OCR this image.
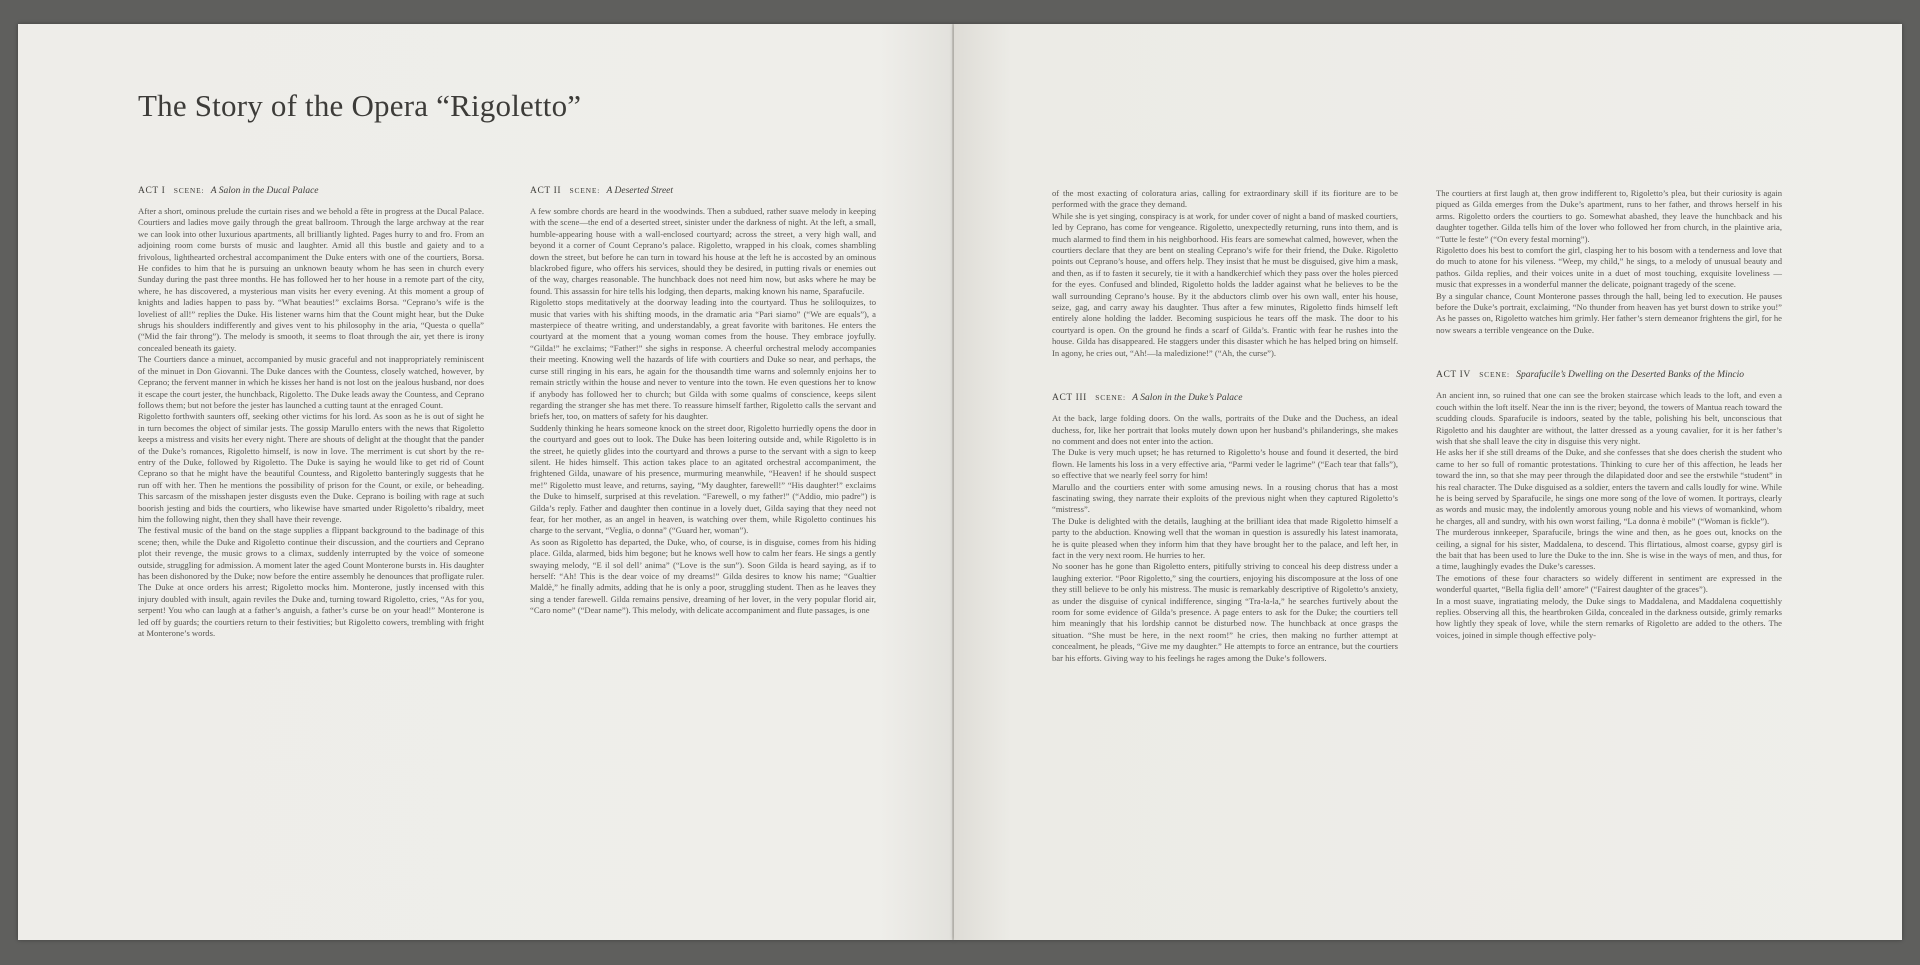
The Story of the Opera “Rigoletto”
ACT I SCENE: A Salon in the Ducal Palace

After a short, ominous prelude the curtain rises and we behold a fête in progress at the Ducal Palace. Courtiers and ladies move gaily through the great ballroom. Through the large archway at the rear we can look into other luxurious apartments, all brilliantly lighted. Pages hurry to and fro. From an adjoining room come bursts of music and laughter. Amid all this bustle and gaiety and to a frivolous, lighthearted orchestral accompaniment the Duke enters with one of the courtiers, Borsa. He confides to him that he is pursuing an unknown beauty whom he has seen in church every Sunday during the past three months. He has followed her to her house in a remote part of the city, where, he has discovered, a mysterious man visits her every evening. At this moment a group of knights and ladies happen to pass by. “What beauties!” exclaims Borsa. “Ceprano’s wife is the loveliest of all!” replies the Duke. His listener warns him that the Count might hear, but the Duke shrugs his shoulders indifferently and gives vent to his philosophy in the aria, “Questa o quella” (“Mid the fair throng”). The melody is smooth, it seems to float through the air, yet there is irony concealed beneath its gaiety.

The Courtiers dance a minuet, accompanied by music graceful and not inappropriately reminiscent of the minuet in Don Giovanni. The Duke dances with the Countess, closely watched, however, by Ceprano; the fervent manner in which he kisses her hand is not lost on the jealous husband, nor does it escape the court jester, the hunchback, Rigoletto. The Duke leads away the Countess, and Ceprano follows them; but not before the jester has launched a cutting taunt at the enraged Count.

Rigoletto forthwith saunters off, seeking other victims for his lord. As soon as he is out of sight he in turn becomes the object of similar jests. The gossip Marullo enters with the news that Rigoletto keeps a mistress and visits her every night. There are shouts of delight at the thought that the pander of the Duke’s romances, Rigoletto himself, is now in love. The merriment is cut short by the re-entry of the Duke, followed by Rigoletto. The Duke is saying he would like to get rid of Count Ceprano so that he might have the beautiful Countess, and Rigoletto banteringly suggests that he run off with her. Then he mentions the possibility of prison for the Count, or exile, or beheading. This sarcasm of the misshapen jester disgusts even the Duke. Ceprano is boiling with rage at such boorish jesting and bids the courtiers, who likewise have smarted under Rigoletto’s ribaldry, meet him the following night, then they shall have their revenge.

The festival music of the band on the stage supplies a flippant background to the badinage of this scene; then, while the Duke and Rigoletto continue their discussion, and the courtiers and Ceprano plot their revenge, the music grows to a climax, suddenly interrupted by the voice of someone outside, struggling for admission. A moment later the aged Count Monterone bursts in. His daughter has been dishonored by the Duke; now before the entire assembly he denounces that profligate ruler. The Duke at once orders his arrest; Rigoletto mocks him. Monterone, justly incensed with this injury doubled with insult, again reviles the Duke and, turning toward Rigoletto, cries, “As for you, serpent! You who can laugh at a father’s anguish, a father’s curse be on your head!” Monterone is led off by guards; the courtiers return to their festivities; but Rigoletto cowers, trembling with fright at Monterone’s words.

ACT II SCENE: A Deserted Street

A few sombre chords are heard in the woodwinds. Then a subdued, rather suave melody in keeping with the scene—the end of a deserted street, sinister under the darkness of night. At the left, a small, humble-appearing house with a wall-enclosed courtyard; across the street, a very high wall, and beyond it a corner of Count Ceprano’s palace. Rigoletto, wrapped in his cloak, comes shambling down the street, but before he can turn in toward his house at the left he is accosted by an ominous blackrobed figure, who offers his services, should they be desired, in putting rivals or enemies out of the way, charges reasonable. The hunchback does not need him now, but asks where he may be found. This assassin for hire tells his lodging, then departs, making known his name, Sparafucile.

Rigoletto stops meditatively at the doorway leading into the courtyard. Thus he soliloquizes, to music that varies with his shifting moods, in the dramatic aria “Pari siamo” (“We are equals”), a masterpiece of theatre writing, and understandably, a great favorite with baritones. He enters the courtyard at the moment that a young woman comes from the house. They embrace joyfully. “Gilda!” he exclaims; “Father!” she sighs in response. A cheerful orchestral melody accompanies their meeting. Knowing well the hazards of life with courtiers and Duke so near, and perhaps, the curse still ringing in his ears, he again for the thousandth time warns and solemnly enjoins her to remain strictly within the house and never to venture into the town. He even questions her to know if anybody has followed her to church; but Gilda with some qualms of conscience, keeps silent regarding the stranger she has met there. To reassure himself farther, Rigoletto calls the servant and briefs her, too, on matters of safety for his daughter.

Suddenly thinking he hears someone knock on the street door, Rigoletto hurriedly opens the door in the courtyard and goes out to look. The Duke has been loitering outside and, while Rigoletto is in the street, he quietly glides into the courtyard and throws a purse to the servant with a sign to keep silent. He hides himself. This action takes place to an agitated orchestral accompaniment, the frightened Gilda, unaware of his presence, murmuring meanwhile, “Heaven! if he should suspect me!” Rigoletto must leave, and returns, saying, “My daughter, farewell!” “His daughter!” exclaims the Duke to himself, surprised at this revelation. “Farewell, o my father!” (“Addio, mio padre”) is Gilda’s reply. Father and daughter then continue in a lovely duet, Gilda saying that they need not fear, for her mother, as an angel in heaven, is watching over them, while Rigoletto continues his charge to the servant, “Veglia, o donna” (“Guard her, woman”).

As soon as Rigoletto has departed, the Duke, who, of course, is in disguise, comes from his hiding place. Gilda, alarmed, bids him begone; but he knows well how to calm her fears. He sings a gently swaying melody, “E il sol dell’ anima” (“Love is the sun”). Soon Gilda is heard saying, as if to herself: “Ah! This is the dear voice of my dreams!” Gilda desires to know his name; “Gualtier Maldè,” he finally admits, adding that he is only a poor, struggling student. Then as he leaves they sing a tender farewell. Gilda remains pensive, dreaming of her lover, in the very popular florid air, “Caro nome” (“Dear name”). This melody, with delicate accompaniment and flute passages, is one

of the most exacting of coloratura arias, calling for extraordinary skill if its fioriture are to be performed with the grace they demand.

While she is yet singing, conspiracy is at work, for under cover of night a band of masked courtiers, led by Ceprano, has come for vengeance. Rigoletto, unexpectedly returning, runs into them, and is much alarmed to find them in his neighborhood. His fears are somewhat calmed, however, when the courtiers declare that they are bent on stealing Ceprano’s wife for their friend, the Duke. Rigoletto points out Ceprano’s house, and offers help. They insist that he must be disguised, give him a mask, and then, as if to fasten it securely, tie it with a handkerchief which they pass over the holes pierced for the eyes. Confused and blinded, Rigoletto holds the ladder against what he believes to be the wall surrounding Ceprano’s house. By it the abductors climb over his own wall, enter his house, seize, gag, and carry away his daughter. Thus after a few minutes, Rigoletto finds himself left entirely alone holding the ladder. Becoming suspicious he tears off the mask. The door to his courtyard is open. On the ground he finds a scarf of Gilda’s. Frantic with fear he rushes into the house. Gilda has disappeared. He staggers under this disaster which he has helped bring on himself. In agony, he cries out, “Ah!—la maledizione!” (“Ah, the curse”).

ACT III SCENE: A Salon in the Duke’s Palace

At the back, large folding doors. On the walls, portraits of the Duke and the Duchess, an ideal duchess, for, like her portrait that looks mutely down upon her husband’s philanderings, she makes no comment and does not enter into the action.

The Duke is very much upset; he has returned to Rigoletto’s house and found it deserted, the bird flown. He laments his loss in a very effective aria, “Parmi veder le lagrime” (“Each tear that falls”), so effective that we nearly feel sorry for him!

Marullo and the courtiers enter with some amusing news. In a rousing chorus that has a most fascinating swing, they narrate their exploits of the previous night when they captured Rigoletto’s “mistress”.

The Duke is delighted with the details, laughing at the brilliant idea that made Rigoletto himself a party to the abduction. Knowing well that the woman in question is assuredly his latest inamorata, he is quite pleased when they inform him that they have brought her to the palace, and left her, in fact in the very next room. He hurries to her.

No sooner has he gone than Rigoletto enters, pitifully striving to conceal his deep distress under a laughing exterior. “Poor Rigoletto,” sing the courtiers, enjoying his discomposure at the loss of one they still believe to be only his mistress. The music is remarkably descriptive of Rigoletto’s anxiety, as under the disguise of cynical indifference, singing “Tra-la-la,” he searches furtively about the room for some evidence of Gilda’s presence. A page enters to ask for the Duke; the courtiers tell him meaningly that his lordship cannot be disturbed now. The hunchback at once grasps the situation. “She must be here, in the next room!” he cries, then making no further attempt at concealment, he pleads, “Give me my daughter.” He attempts to force an entrance, but the courtiers bar his efforts. Giving way to his feelings he rages among the Duke’s followers.

The courtiers at first laugh at, then grow indifferent to, Rigoletto’s plea, but their curiosity is again piqued as Gilda emerges from the Duke’s apartment, runs to her father, and throws herself in his arms. Rigoletto orders the courtiers to go. Somewhat abashed, they leave the hunchback and his daughter together. Gilda tells him of the lover who followed her from church, in the plaintive aria, “Tutte le feste” (“On every festal morning”).

Rigoletto does his best to comfort the girl, clasping her to his bosom with a tenderness and love that do much to atone for his vileness. “Weep, my child,” he sings, to a melody of unusual beauty and pathos. Gilda replies, and their voices unite in a duet of most touching, exquisite loveliness — music that expresses in a wonderful manner the delicate, poignant tragedy of the scene.

By a singular chance, Count Monterone passes through the hall, being led to execution. He pauses before the Duke’s portrait, exclaiming, “No thunder from heaven has yet burst down to strike you!” As he passes on, Rigoletto watches him grimly. Her father’s stern demeanor frightens the girl, for he now swears a terrible vengeance on the Duke.

ACT IV SCENE: Sparafucile’s Dwelling on the Deserted Banks of the Mincio

An ancient inn, so ruined that one can see the broken staircase which leads to the loft, and even a couch within the loft itself. Near the inn is the river; beyond, the towers of Mantua reach toward the scudding clouds. Sparafucile is indoors, seated by the table, polishing his belt, unconscious that Rigoletto and his daughter are without, the latter dressed as a young cavalier, for it is her father’s wish that she shall leave the city in disguise this very night.

He asks her if she still dreams of the Duke, and she confesses that she does cherish the student who came to her so full of romantic protestations. Thinking to cure her of this affection, he leads her toward the inn, so that she may peer through the dilapidated door and see the erstwhile “student” in his real character. The Duke disguised as a soldier, enters the tavern and calls loudly for wine. While he is being served by Sparafucile, he sings one more song of the love of women. It portrays, clearly as words and music may, the indolently amorous young noble and his views of womankind, whom he charges, all and sundry, with his own worst failing, “La donna è mobile” (“Woman is fickle”).

The murderous innkeeper, Sparafucile, brings the wine and then, as he goes out, knocks on the ceiling, a signal for his sister, Maddalena, to descend. This flirtatious, almost coarse, gypsy girl is the bait that has been used to lure the Duke to the inn. She is wise in the ways of men, and thus, for a time, laughingly evades the Duke’s caresses.

The emotions of these four characters so widely different in sentiment are expressed in the wonderful quartet, “Bella figlia dell’ amore” (“Fairest daughter of the graces”).

In a most suave, ingratiating melody, the Duke sings to Maddalena, and Maddalena coquettishly replies. Observing all this, the heartbroken Gilda, concealed in the darkness outside, grimly remarks how lightly they speak of love, while the stern remarks of Rigoletto are added to the others. The voices, joined in simple though effective poly-
